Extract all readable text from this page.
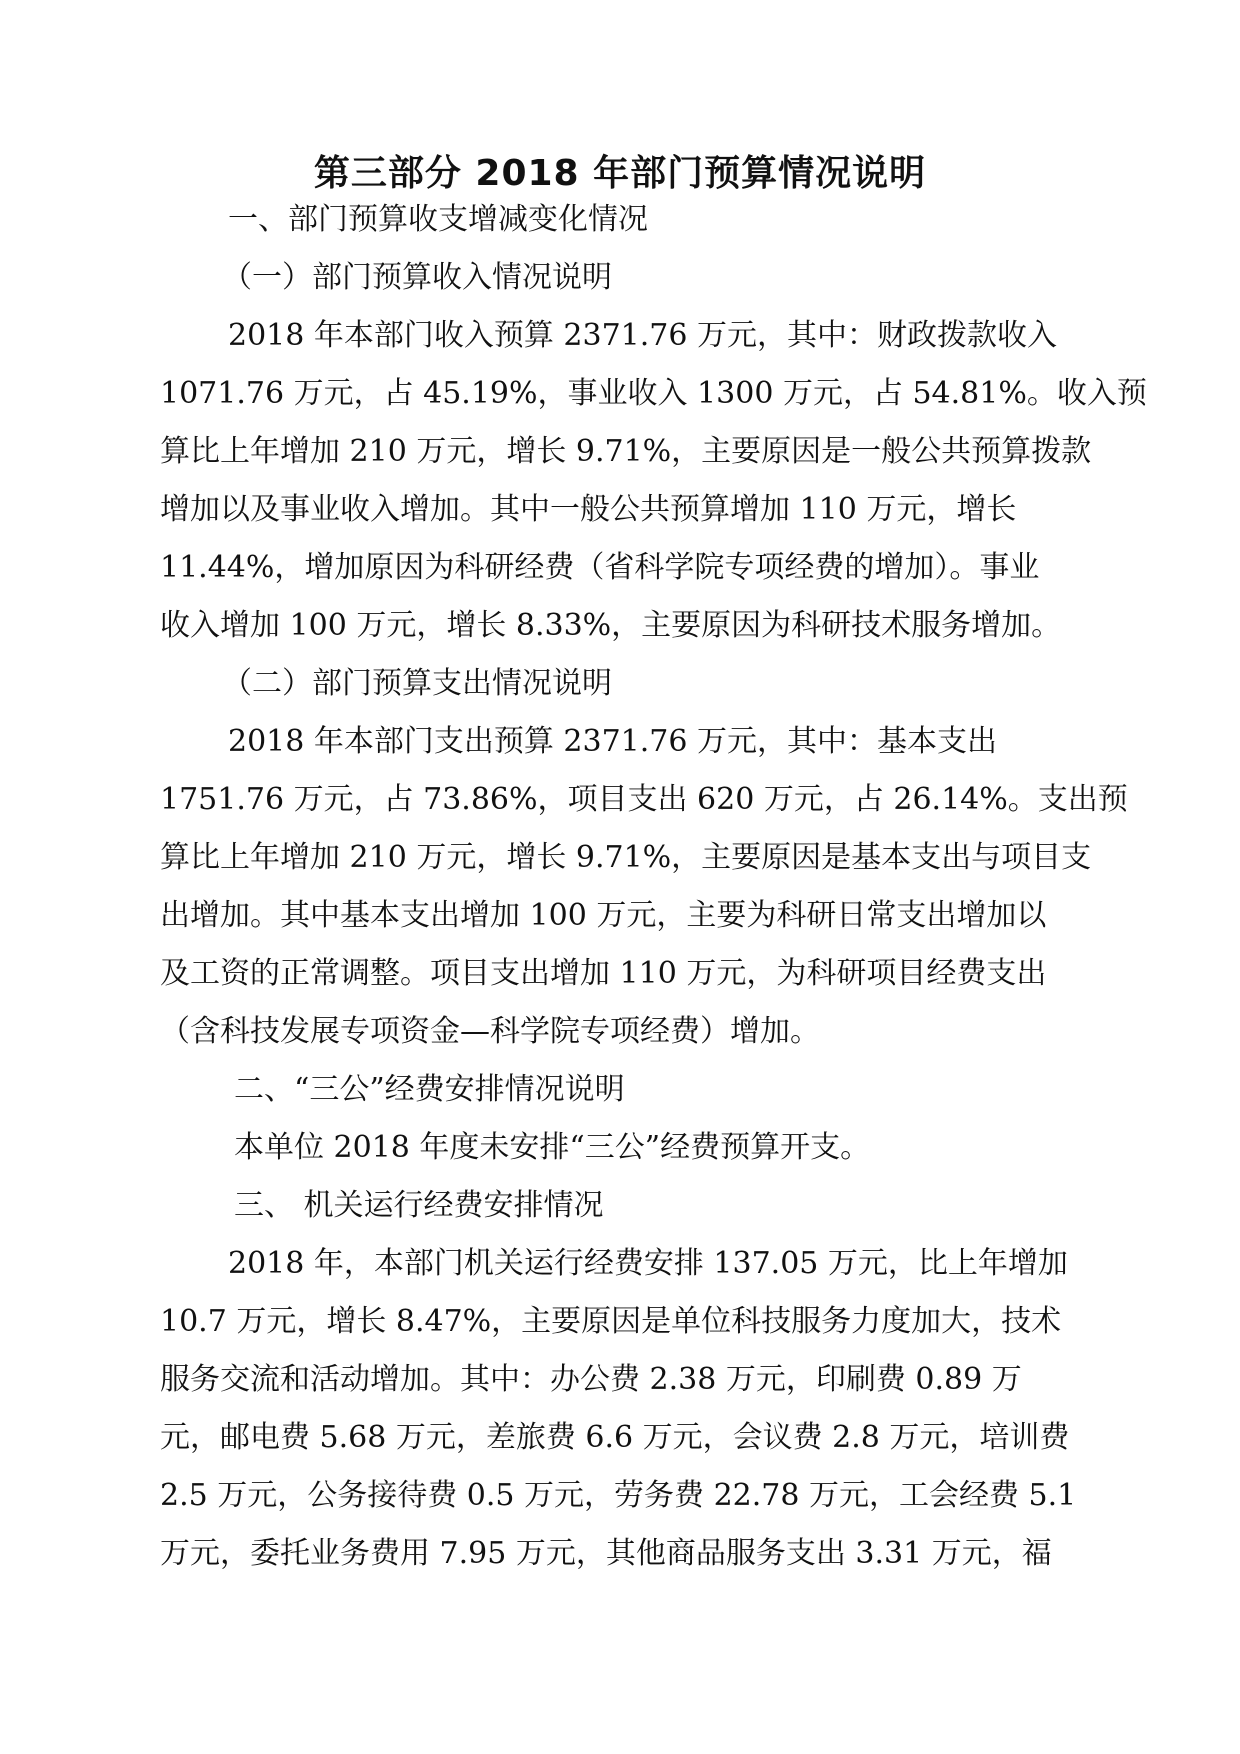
第三部分 2018 年部门预算情况说明

一、部门预算收支增减变化情况

（一）部门预算收入情况说明

2018 年本部门收入预算 2371.76 万元，其中：财政拨款收入

1071.76 万元，占 45.19%，事业收入 1300 万元，占 54.81%。收入预

算比上年增加 210 万元，增长 9.71%，主要原因是一般公共预算拨款

增加以及事业收入增加。其中一般公共预算增加 110 万元，增长

11.44%，增加原因为科研经费（省科学院专项经费的增加）。事业

收入增加 100 万元，增长 8.33%，主要原因为科研技术服务增加。

（二）部门预算支出情况说明

2018 年本部门支出预算 2371.76 万元，其中：基本支出

1751.76 万元，占 73.86%，项目支出 620 万元，占 26.14%。支出预

算比上年增加 210 万元，增长 9.71%，主要原因是基本支出与项目支

出增加。其中基本支出增加 100 万元，主要为科研日常支出增加以

及工资的正常调整。项目支出增加 110 万元，为科研项目经费支出

（含科技发展专项资金—科学院专项经费）增加。

二、“三公”经费安排情况说明

本单位 2018 年度未安排“三公”经费预算开支。

三、 机关运行经费安排情况

2018 年，本部门机关运行经费安排 137.05 万元，比上年增加

10.7 万元，增长 8.47%，主要原因是单位科技服务力度加大，技术

服务交流和活动增加。其中：办公费 2.38 万元，印刷费 0.89 万

元，邮电费 5.68 万元，差旅费 6.6 万元，会议费 2.8 万元，培训费

2.5 万元，公务接待费 0.5 万元，劳务费 22.78 万元，工会经费 5.1

万元，委托业务费用 7.95 万元，其他商品服务支出 3.31 万元，福
